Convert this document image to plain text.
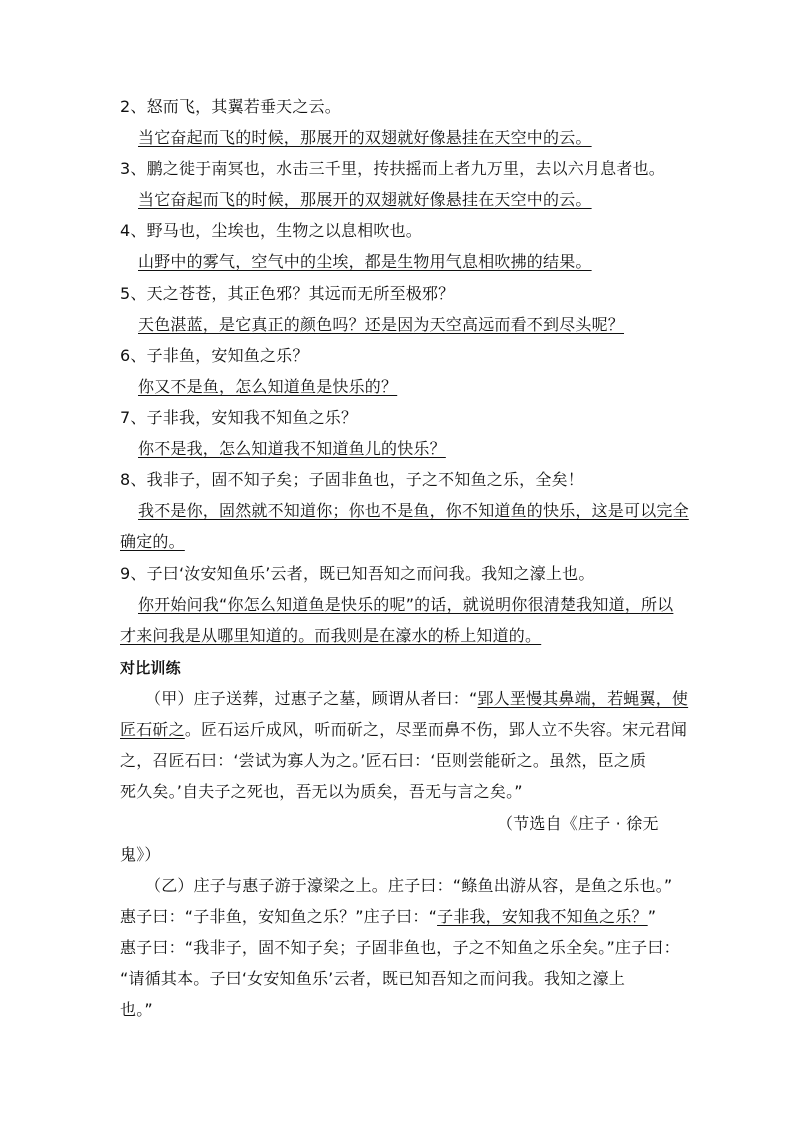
2、怒而飞，其翼若垂天之云。
当它奋起而飞的时候，那展开的双翅就好像悬挂在天空中的云。
3、鹏之徙于南冥也，水击三千里，抟扶摇而上者九万里，去以六月息者也。
当它奋起而飞的时候，那展开的双翅就好像悬挂在天空中的云。
4、野马也，尘埃也，生物之以息相吹也。
山野中的雾气，空气中的尘埃，都是生物用气息相吹拂的结果。
5、天之苍苍，其正色邪？其远而无所至极邪？
天色湛蓝，是它真正的颜色吗？还是因为天空高远而看不到尽头呢？
6、子非鱼，安知鱼之乐？
你又不是鱼，怎么知道鱼是快乐的？
7、子非我，安知我不知鱼之乐？
你不是我，怎么知道我不知道鱼儿的快乐？
8、我非子，固不知子矣；子固非鱼也，子之不知鱼之乐，全矣！
我不是你，固然就不知道你；你也不是鱼，你不知道鱼的快乐，这是可以完全
确定的。
9、子曰‘汝安知鱼乐’云者，既已知吾知之而问我。我知之濠上也。
你开始问我“你怎么知道鱼是快乐的呢”的话，就说明你很清楚我知道，所以
才来问我是从哪里知道的。而我则是在濠水的桥上知道的。
对比训练
（甲）庄子送葬，过惠子之墓，顾谓从者曰：“郢人垩慢其鼻端，若蝇翼，使
匠石斫之。匠石运斤成风，听而斫之，尽垩而鼻不伤，郢人立不失容。宋元君闻
之，召匠石曰：‘尝试为寡人为之。’匠石曰：‘臣则尝能斫之。虽然，臣之质
死久矣。’自夫子之死也，吾无以为质矣，吾无与言之矣。”
（节选自《庄子 · 徐无
鬼》）
（乙）庄子与惠子游于濠梁之上。庄子曰：“鲦鱼出游从容，是鱼之乐也。”
惠子曰：“子非鱼，安知鱼之乐？”庄子曰：“子非我，安知我不知鱼之乐？”
惠子曰：“我非子，固不知子矣；子固非鱼也，子之不知鱼之乐全矣。”庄子曰：
“请循其本。子曰‘女安知鱼乐’云者，既已知吾知之而问我。我知之濠上
也。”
